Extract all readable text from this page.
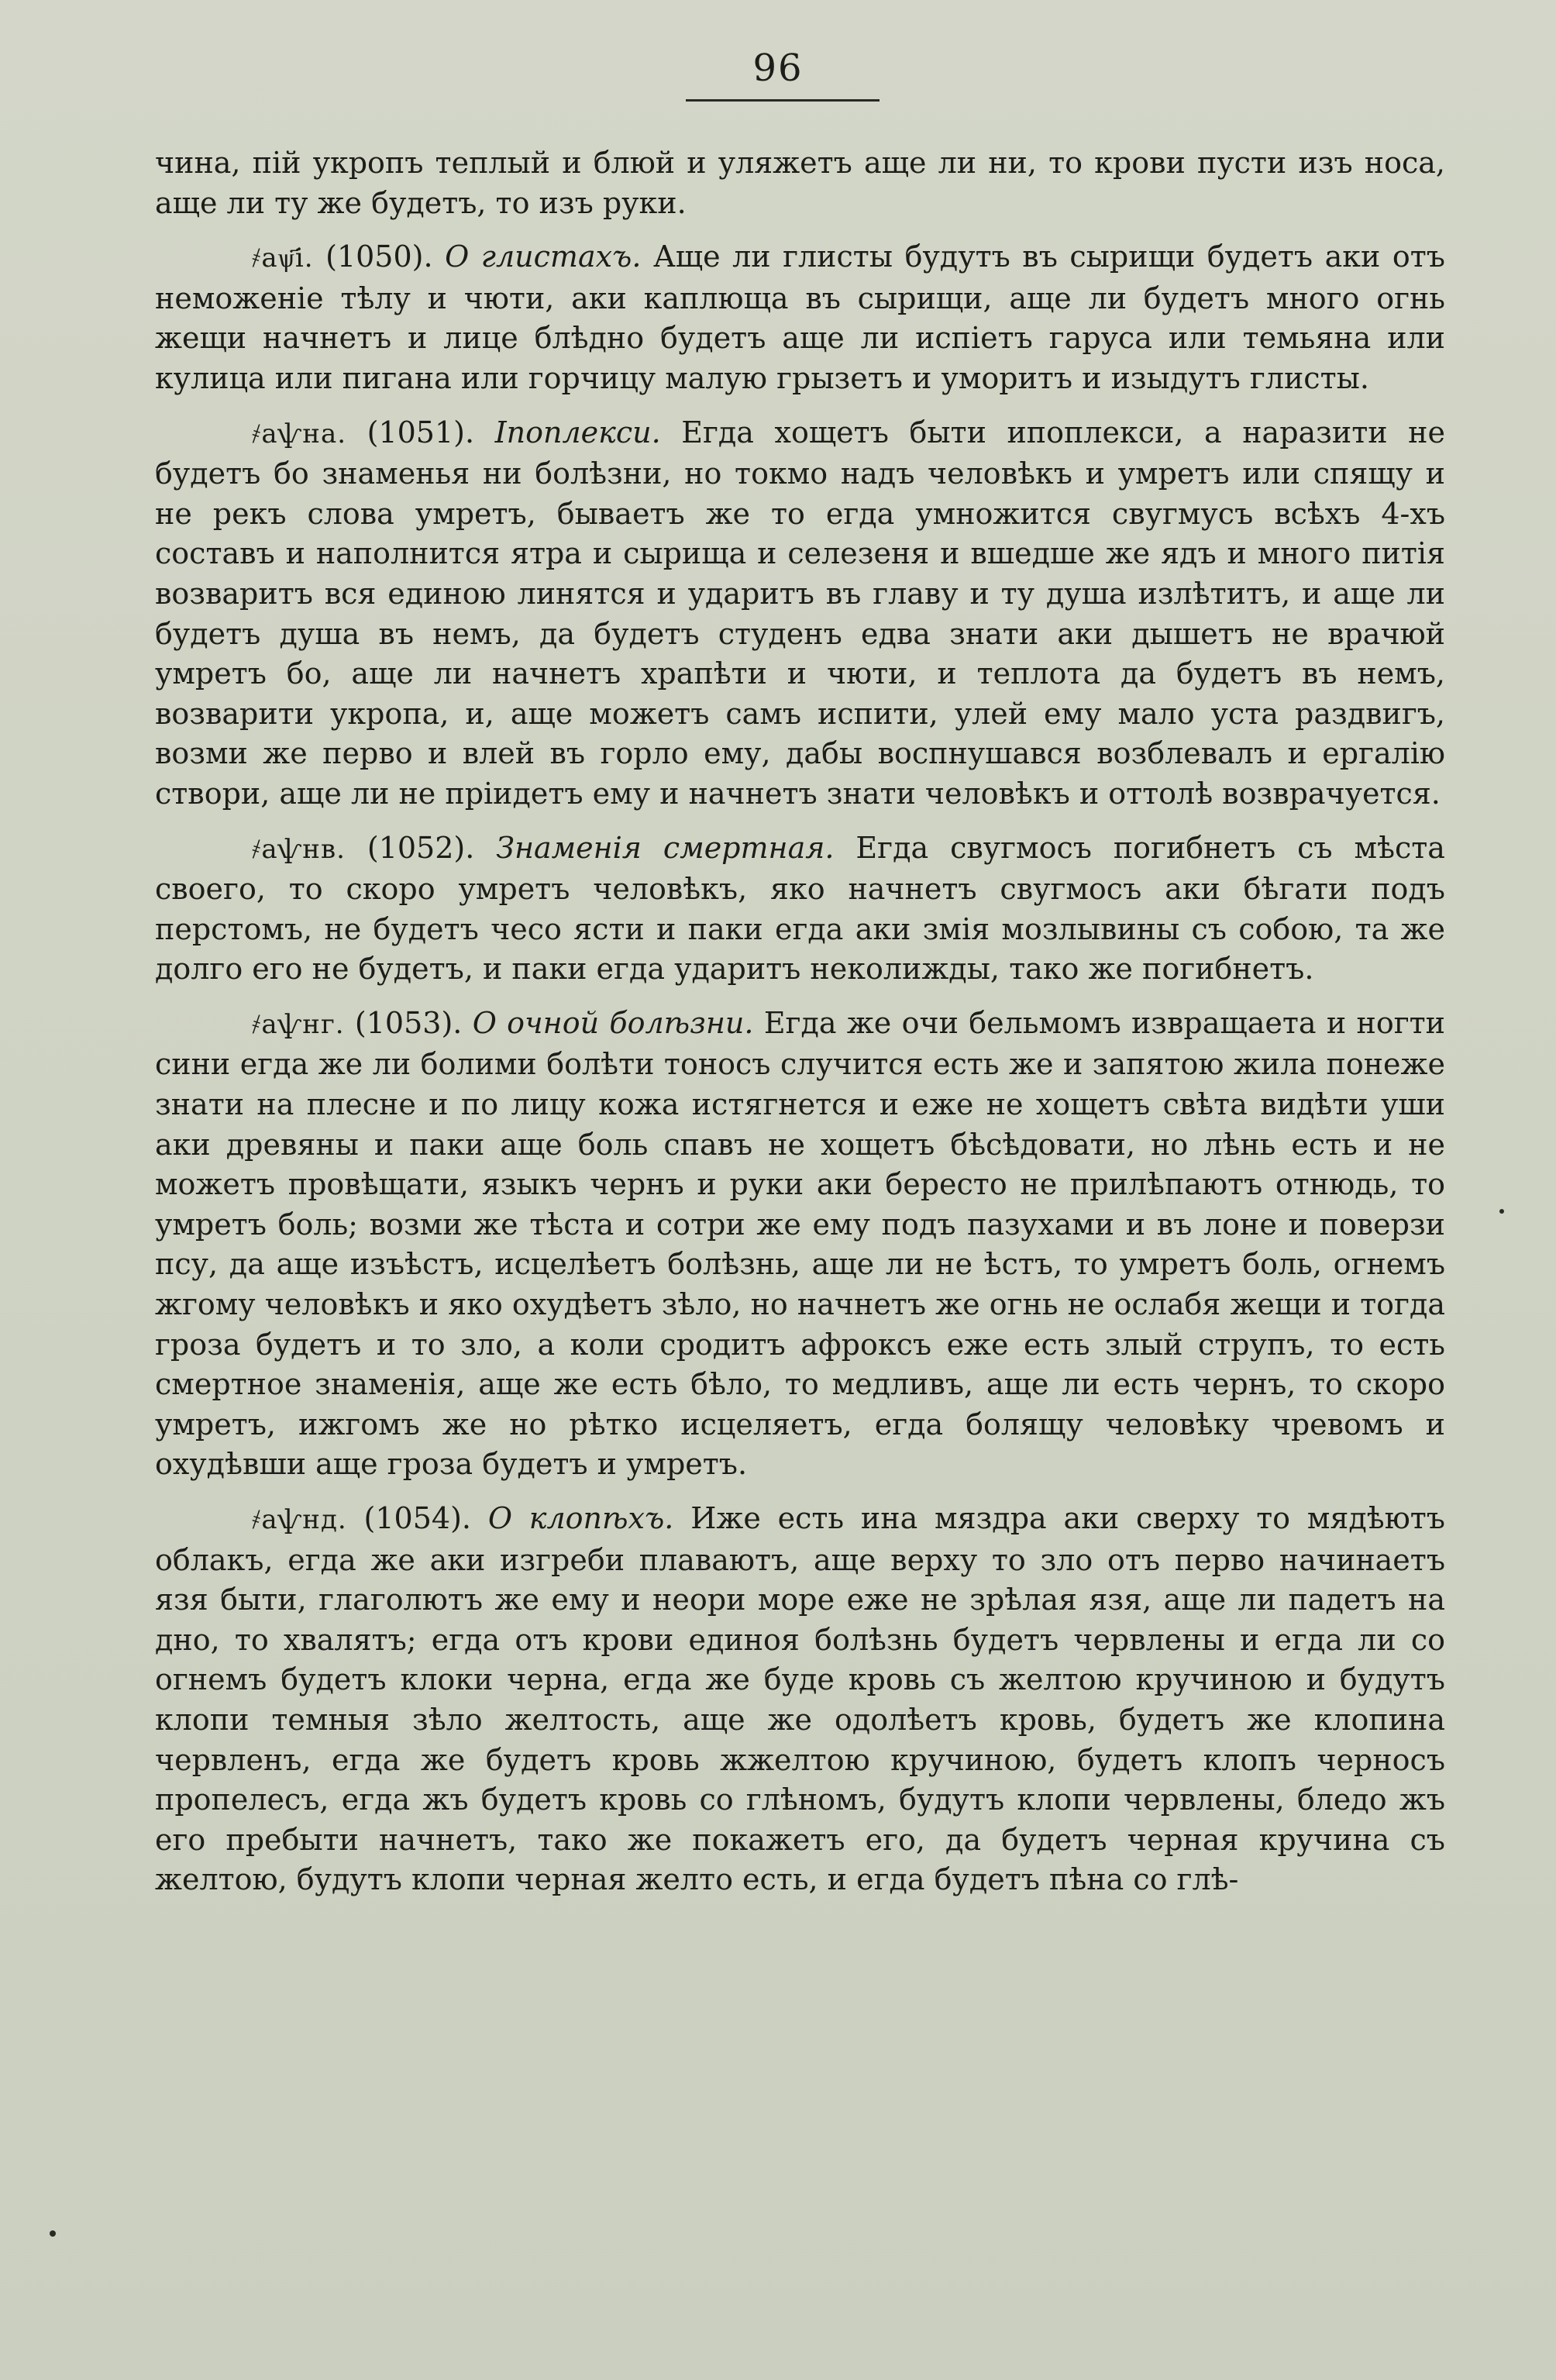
96

чина, пій укропъ теплый и блюй и уляжетъ аще ли ни, то крови пусти изъ носа, аще ли ту же будетъ, то изъ руки.

҂аѱ҃і. (1050). О глистахъ. Аще ли глисты будутъ въ сырищи будетъ аки отъ неможеніе тѣлу и чюти, аки каплюща въ сырищи, аще ли будетъ много огнь жещи начнетъ и лице блѣдно будетъ аще ли испіетъ гаруса или темьяна или кулица или пигана или горчицу малую грызетъ и уморитъ и изыдутъ глисты.

҂аѱна. (1051). Іпоплекси. Егда хощетъ быти ипоплекси, а наразити не будетъ бо знаменья ни болѣзни, но токмо надъ человѣкъ и умретъ или спящу и не рекъ слова умретъ, бываетъ же то егда умножится свугмусъ всѣхъ 4-хъ составъ и наполнится ятра и сырища и селезеня и вшедше же ядъ и много питія возваритъ вся единою линятся и ударитъ въ главу и ту душа излѣтитъ, и аще ли будетъ душа въ немъ, да будетъ студенъ едва знати аки дышетъ не врачюй умретъ бо, аще ли начнетъ храпѣти и чюти, и теплота да будетъ въ немъ, возварити укропа, и, аще можетъ самъ испити, улей ему мало уста раздвигъ, возми же перво и влей въ горло ему, дабы воспнушався возблевалъ и ергалію створи, аще ли не пріидетъ ему и начнетъ знати человѣкъ и оттолѣ возврачуется.

҂аѱнв. (1052). Знаменія смертная. Егда свугмосъ погибнетъ съ мѣста своего, то скоро умретъ человѣкъ, яко начнетъ свугмосъ аки бѣгати подъ перстомъ, не будетъ чесо ясти и паки егда аки змія мозлывины съ собою, та же долго его не будетъ, и паки егда ударитъ неколижды, тако же погибнетъ.

҂аѱнг. (1053). О очной болѣзни. Егда же очи бельмомъ извращаета и ногти сини егда же ли болими болѣти тоносъ случится есть же и запятою жила понеже знати на плесне и по лицу кожа истягнется и еже не хощетъ свѣта видѣти уши аки древяны и паки аще боль спавъ не хощетъ бѣсѣдовати, но лѣнь есть и не можетъ провѣщати, языкъ чернъ и руки аки берeсто не прилѣпаютъ отнюдь, то умретъ боль; возми же тѣста и сотри же ему подъ пазухами и въ лоне и поверзи псу, да аще изъѣстъ, исцелѣетъ болѣзнь, аще ли не ѣстъ, то умретъ боль, огнемъ жгому человѣкъ и яко охудѣетъ зѣло, но начнетъ же огнь не ослабя жещи и тогда гроза будетъ и то зло, а коли сродитъ афроксъ еже есть злый струпъ, то есть смертное знаменія, аще же есть бѣло, то медливъ, аще ли есть чернъ, то скоро умретъ, ижгомъ же но рѣтко исцеляетъ, егда болящу человѣку чревомъ и охудѣвши аще гроза будетъ и умретъ.

҂аѱнд. (1054). О клопѣхъ. Иже есть ина мяздра аки сверху то мядѣютъ облакъ, егда же аки изгреби плаваютъ, аще верху то зло отъ перво начинаетъ язя быти, глаголютъ же ему и неори море еже не зрѣлая язя, аще ли падетъ на дно, то хвалятъ; егда отъ крови единоя болѣзнь будетъ червлены и егда ли со огнемъ будетъ клоки черна, егда же буде кровь съ желтою кручиною и будутъ клопи темныя зѣло желтость, аще же одолѣетъ кровь, будетъ же клопина червленъ, егда же будетъ кровь жжелтою кручиною, будетъ клопъ черносъ пропелесъ, егда жъ будетъ кровь со глѣномъ, будутъ клопи червлены, бледо жъ его пребыти начнетъ, тако же покажетъ его, да будетъ черная кручина съ желтою, будутъ клопи черная желто есть, и егда будетъ пѣна со глѣ-
